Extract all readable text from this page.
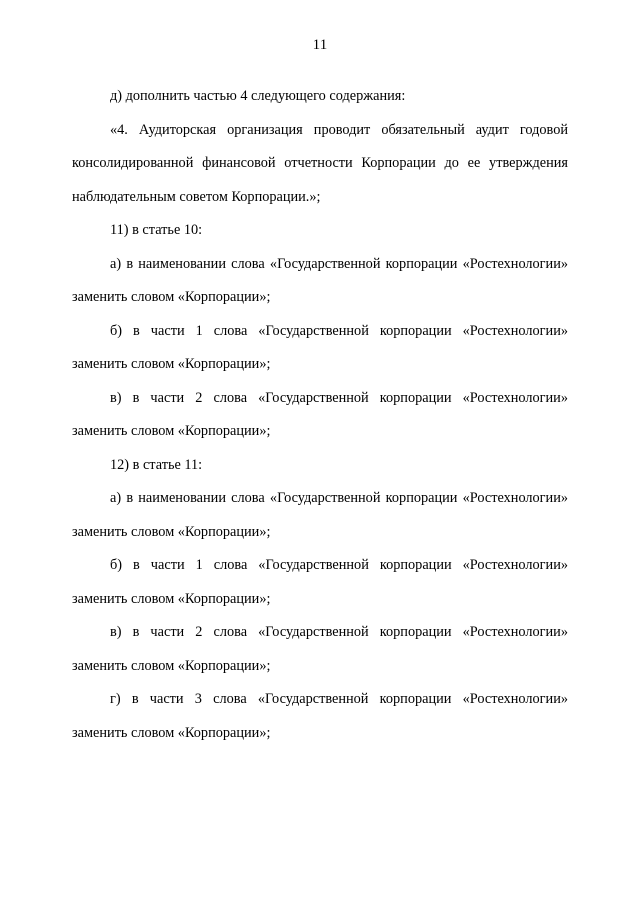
11

д) дополнить частью 4 следующего содержания:

«4. Аудиторская организация проводит обязательный аудит годовой консолидированной финансовой отчетности Корпорации до ее утверждения наблюдательным советом Корпорации.»;

11) в статье 10:

а) в наименовании слова «Государственной корпорации «Ростехнологии» заменить словом «Корпорации»;

б) в части 1 слова «Государственной корпорации «Ростехнологии» заменить словом «Корпорации»;

в) в части 2 слова «Государственной корпорации «Ростехнологии» заменить словом «Корпорации»;

12) в статье 11:

а) в наименовании слова «Государственной корпорации «Ростехнологии» заменить словом «Корпорации»;

б) в части 1 слова «Государственной корпорации «Ростехнологии» заменить словом «Корпорации»;

в) в части 2 слова «Государственной корпорации «Ростехнологии» заменить словом «Корпорации»;

г) в части 3 слова «Государственной корпорации «Ростехнологии» заменить словом «Корпорации»;
